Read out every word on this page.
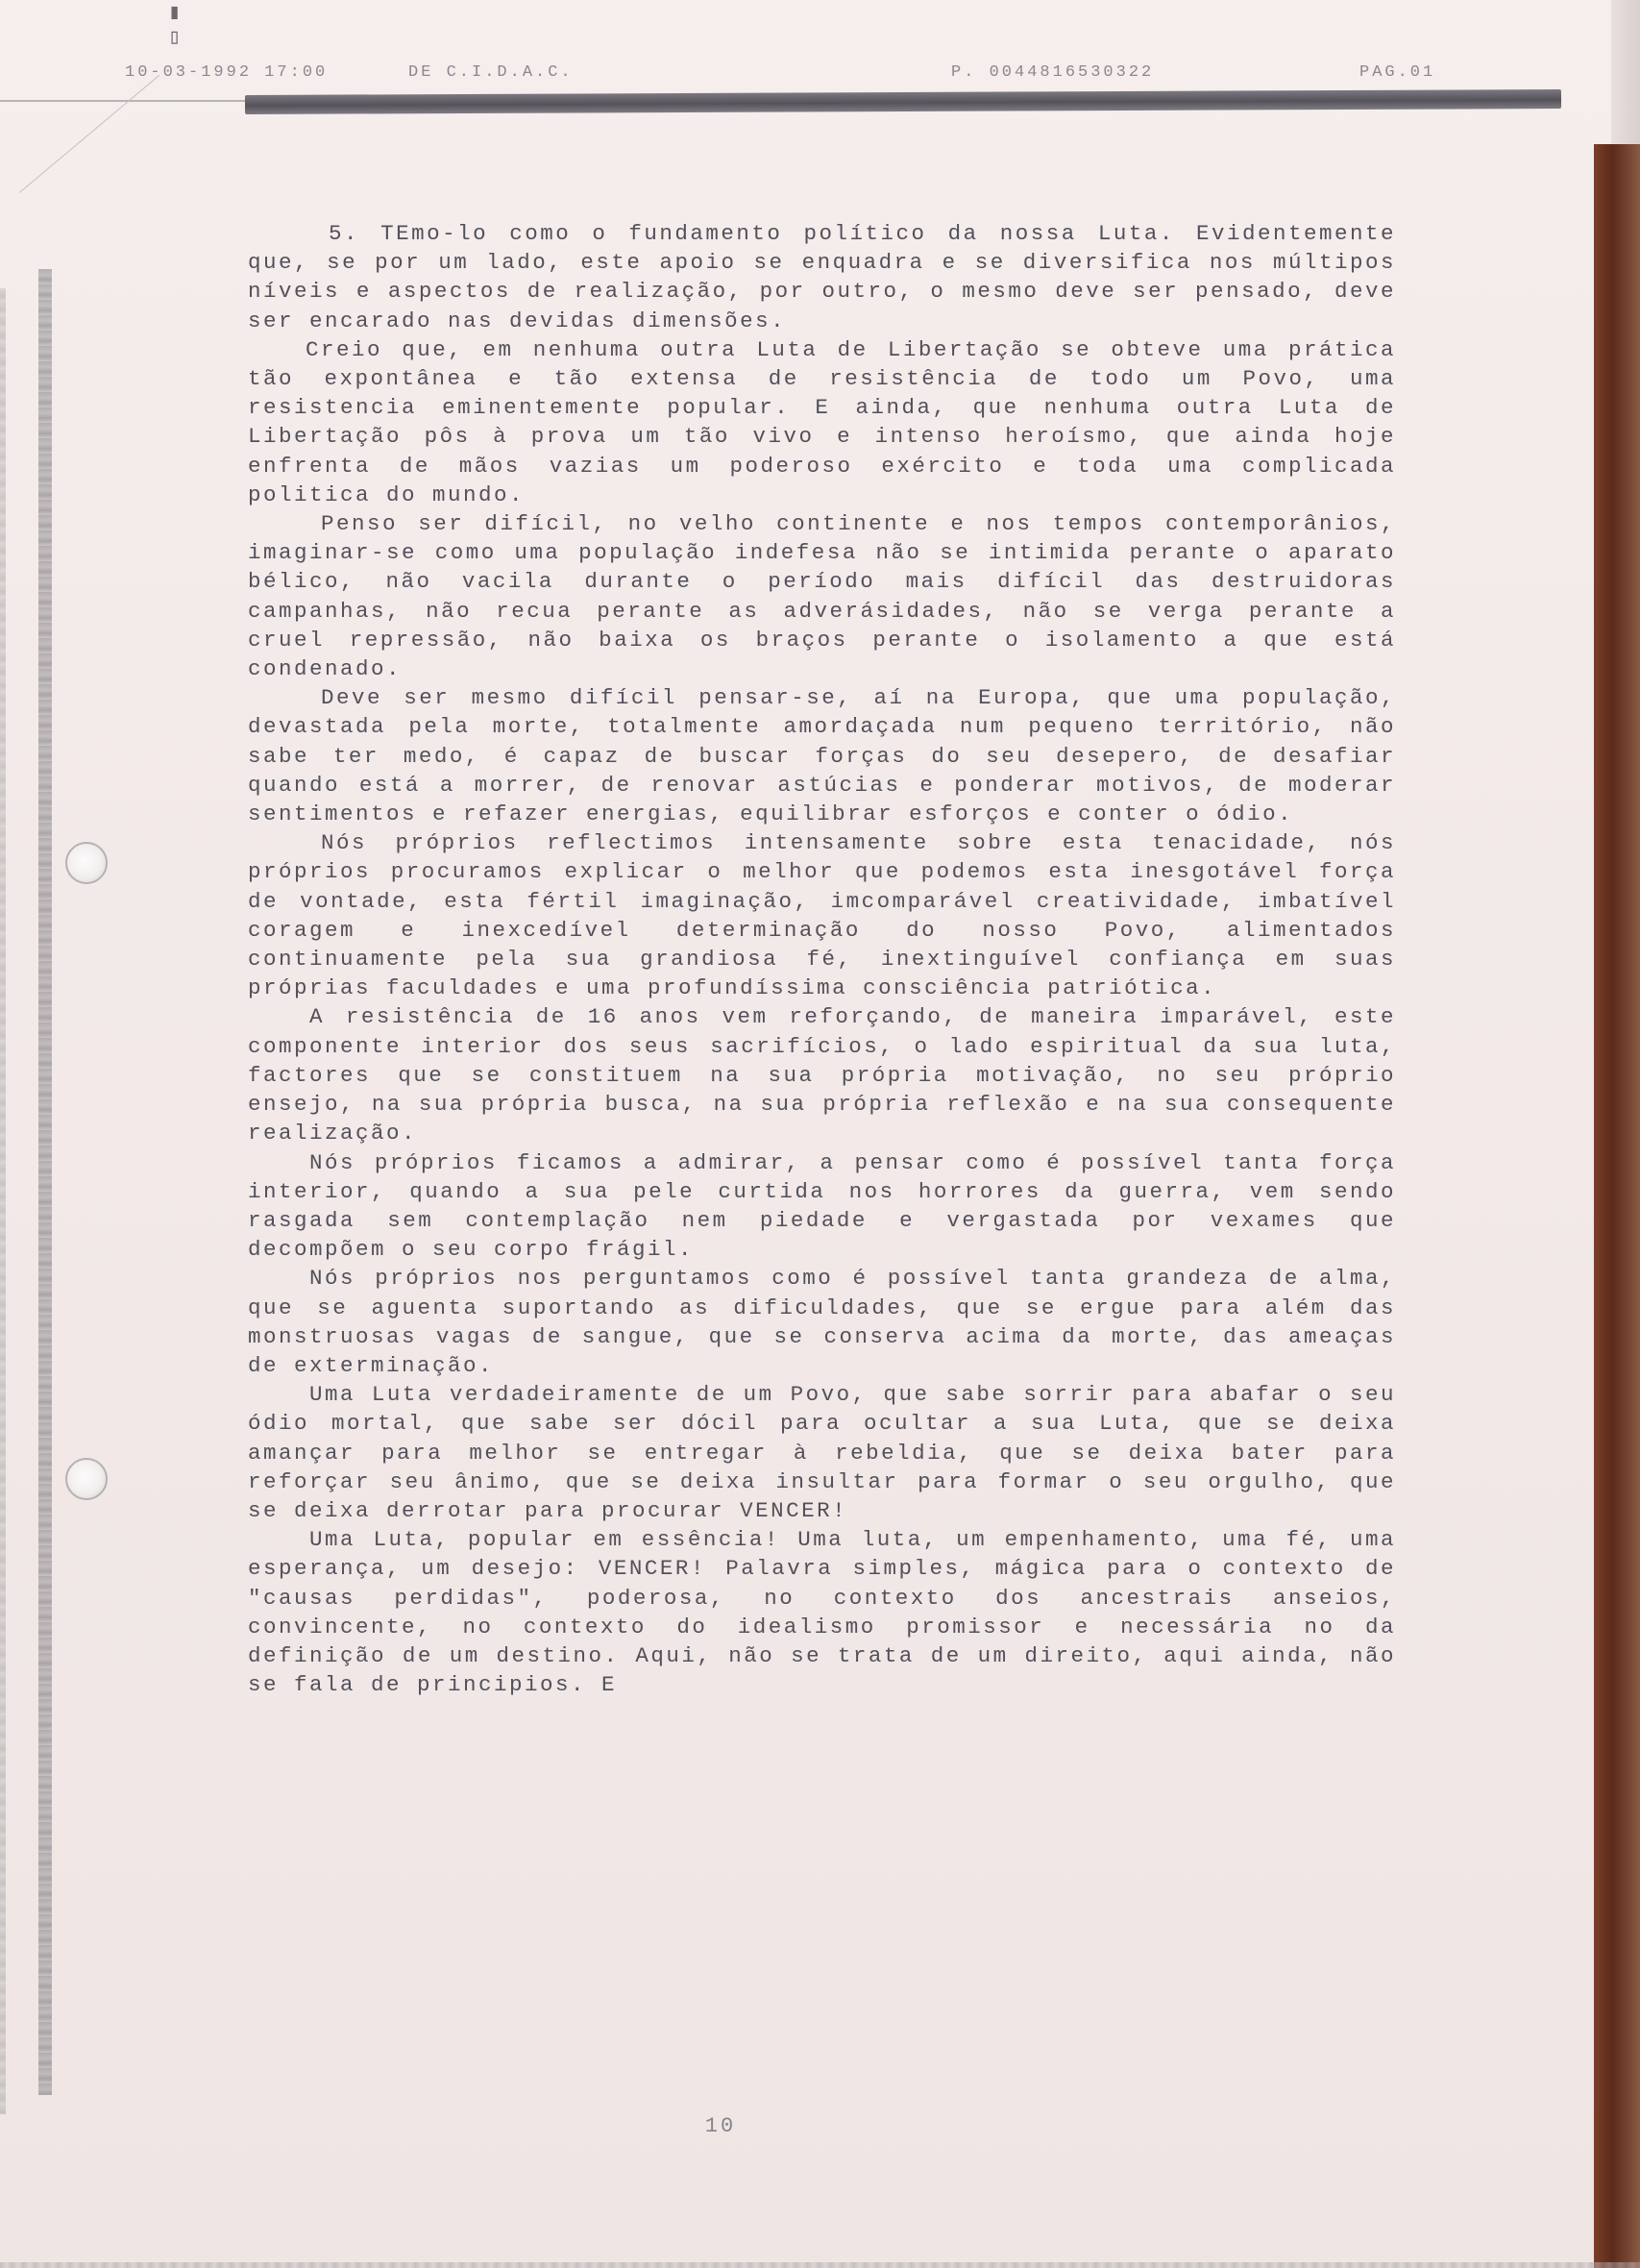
▮ ▯
10-03-1992 17:00	DE C.I.D.A.C.	P. 0044816530322	PAG.01

5. TEmo-lo como o fundamento político da nossa Luta. Evidentemente que, se por um lado, este apoio se enquadra e se diversifica nos múltipos níveis e aspectos de realização, por outro, o mesmo deve ser pensado, deve ser encarado nas devidas dimensões.

Creio que, em nenhuma outra Luta de Libertação se obteve uma prática tão expontânea e tão extensa de resistência de todo um Povo, uma resistencia eminentemente popular. E ainda, que nenhuma outra Luta de Libertação pôs à prova um tão vivo e intenso heroísmo, que ainda hoje enfrenta de mãos vazias um poderoso exército e toda uma complicada politica do mundo.

Penso ser difícil, no velho continente e nos tempos contemporânios, imaginar-se como uma população indefesa não se intimida perante o aparato bélico, não vacila durante o período mais difícil das destruidoras campanhas, não recua perante as adverásidades, não se verga perante a cruel repressão, não baixa os braços perante o isolamento a que está condenado.

Deve ser mesmo difícil pensar-se, aí na Europa, que uma população, devastada pela morte, totalmente amordaçada num pequeno território, não sabe ter medo, é capaz de buscar forças do seu desepero, de desafiar quando está a morrer, de renovar astúcias e ponderar motivos, de moderar sentimentos e refazer energias, equilibrar esforços e conter o ódio.

Nós próprios reflectimos intensamente sobre esta tenacidade, nós próprios procuramos explicar o melhor que podemos esta inesgotável força de vontade, esta fértil imaginação, imcomparável creatividade, imbatível coragem e inexcedível determinação do nosso Povo, alimentados continuamente pela sua grandiosa fé, inextinguível confiança em suas próprias faculdades e uma profundíssima consciência patriótica.

A resistência de 16 anos vem reforçando, de maneira imparável, este componente interior dos seus sacrifícios, o lado espiritual da sua luta, factores que se constituem na sua própria motivação, no seu próprio ensejo, na sua própria busca, na sua própria reflexão e na sua consequente realização.

Nós próprios ficamos a admirar, a pensar como é possível tanta força interior, quando a sua pele curtida nos horrores da guerra, vem sendo rasgada sem contemplação nem piedade e vergastada por vexames que decompõem o seu corpo frágil.

Nós próprios nos perguntamos como é possível tanta grandeza de alma, que se aguenta suportando as dificuldades, que se ergue para além das monstruosas vagas de sangue, que se conserva acima da morte, das ameaças de exterminação.

Uma Luta verdadeiramente de um Povo, que sabe sorrir para abafar o seu ódio mortal, que sabe ser dócil para ocultar a sua Luta, que se deixa amançar para melhor se entregar à rebeldia, que se deixa bater para reforçar seu ânimo, que se deixa insultar para formar o seu orgulho, que se deixa derrotar para procurar VENCER!

Uma Luta, popular em essência! Uma luta, um empenhamento, uma fé, uma esperança, um desejo: VENCER! Palavra simples, mágica para o contexto de "causas perdidas", poderosa, no contexto dos ancestrais anseios, convincente, no contexto do idealismo promissor e necessária no da definição de um destino. Aqui, não se trata de um direito, aqui ainda, não se fala de principios. E

10
